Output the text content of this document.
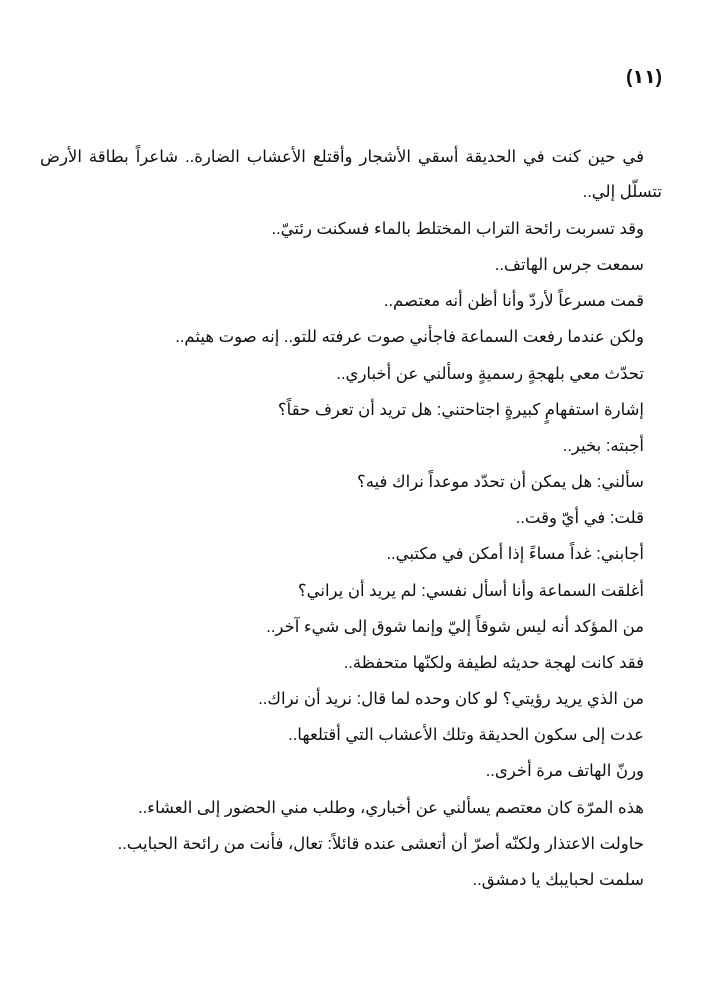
(١١)
في حين كنت في الحديقة أسقي الأشجار وأقتلع الأعشاب الضارة.. شاعراً بطاقة الأرض
تتسلّل إلي..
وقد تسربت رائحة التراب المختلط بالماء فسكنت رئتيّ..
سمعت جرس الهاتف..
قمت مسرعاً لأردّ وأنا أظن أنه معتصم..
ولكن عندما رفعت السماعة فاجأني صوت عرفته للتو.. إنه صوت هيثم..
تحدّث معي بلهجةٍ رسميةٍ وسألني عن أخباري..
إشارة استفهامٍ كبيرةٍ اجتاحتني: هل تريد أن تعرف حقاً؟
أجبته: بخير..
سألني: هل يمكن أن تحدّد موعداً نراك فيه؟
قلت: في أيّ وقت..
أجابني: غداً مساءً إذا أمكن في مكتبي..
أغلقت السماعة وأنا أسأل نفسي: لم يريد أن يراني؟
من المؤكد أنه ليس شوقاً إليّ وإنما شوق إلى شيء آخر..
فقد كانت لهجة حديثه لطيفة ولكنّها متحفظة..
من الذي يريد رؤيتي؟ لو كان وحده لما قال: نريد أن نراك..
عدت إلى سكون الحديقة وتلك الأعشاب التي أقتلعها..
ورنّ الهاتف مرة أخرى..
هذه المرّة كان معتصم يسألني عن أخباري، وطلب مني الحضور إلى العشاء..
حاولت الاعتذار ولكنّه أصرّ أن أتعشى عنده قائلاً: تعال، فأنت من رائحة الحبايب..
سلمت لحبايبك يا دمشق..
